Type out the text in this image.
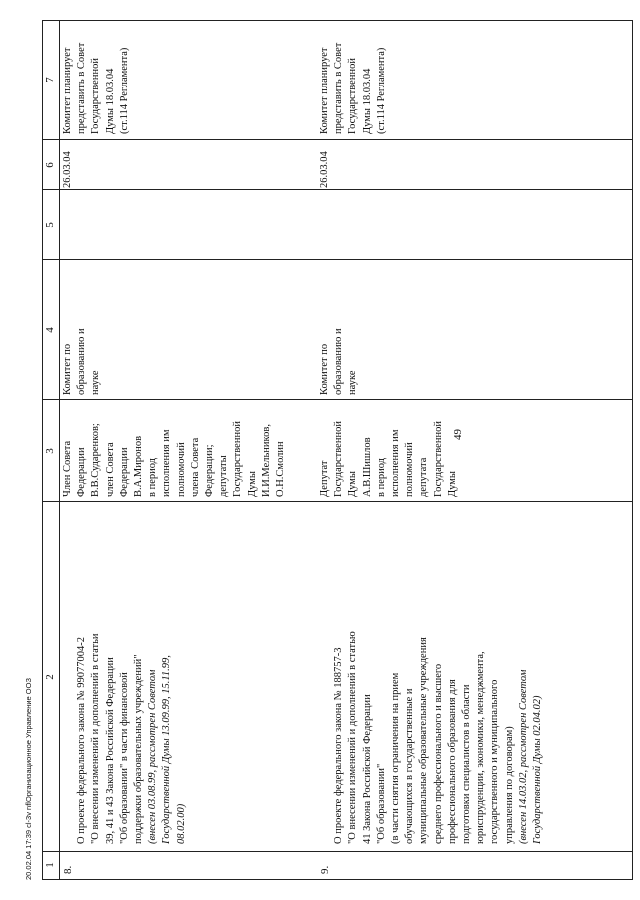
49
1
2
3
4
5
6
7
8.

О проекте федерального закона № 99077004-2
"О внесении изменений и дополнений в статьи
39, 41 и 43 Закона Российской Федерации
"Об образовании" в части финансовой
поддержки образовательных учреждений"

(внесен 03.08.99, рассмотрен Советом
Государственной Думы 13.09.99, 15.11.99,
08.02.00)

Член Совета
Федерации
В.В.Сударенков;
член Совета
Федерации
В.А.Миронов
в период
исполнения им
полномочий
члена Совета
Федерации;
депутаты
Государственной
Думы
И.И.Мельников,
О.Н.Смолин
Комитет по
образованию и
науке
26.03.04
Комитет планирует
представить в Совет
Государственной
Думы 18.03.04
(ст.114 Регламента)
9.

О проекте федерального закона № 188757-3
"О внесении изменений и дополнений в статью
41 Закона Российской Федерации
"Об образовании"
(в части снятия ограничения на прием
обучающихся в государственные и
муниципальные образовательные учреждения
среднего профессионального и высшего
профессионального образования для
подготовки специалистов в области
юриспруденции, экономики, менеджмента,
государственного и муниципального
управления по договорам)

(внесен 14.03.02, рассмотрен Советом
Государственной Думы 02.04.02)

Депутат
Государственной
Думы
А.В.Шишлов
в период
исполнения им
полномочий депутата
Государственной
Думы
Комитет по
образованию и
науке
26.03.04
Комитет планирует
представить в Совет
Государственной
Думы 18.03.04
(ст.114 Регламента)
20.02.04 17:39 cl-3v nflОрганизационное Управление ООЗ
